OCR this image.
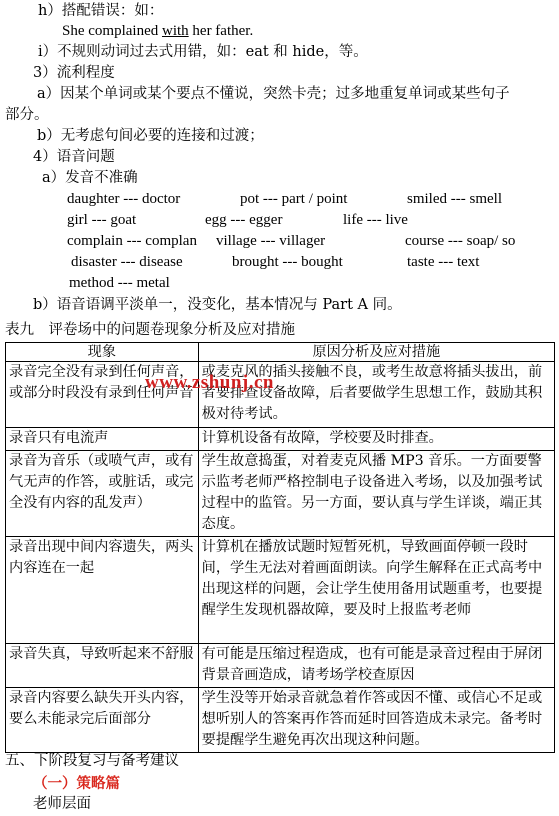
h）搭配错误：如：
She complained with her father.
i）不规则动词过去式用错，如：eat 和 hide，等。
3）流利程度
a）因某个单词或某个要点不懂说，突然卡壳；过多地重复单词或某些句子
部分。
b）无考虑句间必要的连接和过渡；
4）语音问题
a）发音不准确
daughter --- doctor	pot --- part / point	smiled --- smell
girl --- goat	egg --- egger	life --- live
complain --- complan village --- villager	course --- soap/ so
disaster --- disease	brought --- bought	taste --- text
method --- metal
b）语音语调平淡单一，没变化，基本情况与 Part A 同。
表九　评卷场中的问题卷现象分析及应对措施
现象	原因分析及应对措施
录音完全没有录到任何声音，或部分时段没有录到任何声音	或麦克风的插头接触不良，或考生故意将插头拔出，前者要排查设备故障，后者要做学生思想工作，鼓励其积极对待考试。
录音只有电流声	计算机设备有故障，学校要及时排查。
录音为音乐（或喷气声，或有气无声的作答，或脏话，或完全没有内容的乱发声）	学生故意捣蛋，对着麦克风播 MP3 音乐。一方面要警示监考老师严格控制电子设备进入考场，以及加强考试过程中的监管。另一方面，要认真与学生详谈，端正其态度。
录音出现中间内容遗失，两头内容连在一起	计算机在播放试题时短暂死机，导致画面停顿一段时间，学生无法对着画面朗读。向学生解释在正式高考中出现这样的问题，会让学生使用备用试题重考，也要提醒学生发现机器故障，要及时上报监考老师
录音失真，导致听起来不舒服	有可能是压缩过程造成，也有可能是录音过程由于屏闭背景音画造成，请考场学校查原因
录音内容要么缺失开头内容，要么未能录完后面部分	学生没等开始录音就急着作答或因不懂、或信心不足或想听别人的答案再作答而延时回答造成未录完。备考时要提醒学生避免再次出现这种问题。
www.zshunj.cn
五、下阶段复习与备考建议
（一）策略篇
老师层面
